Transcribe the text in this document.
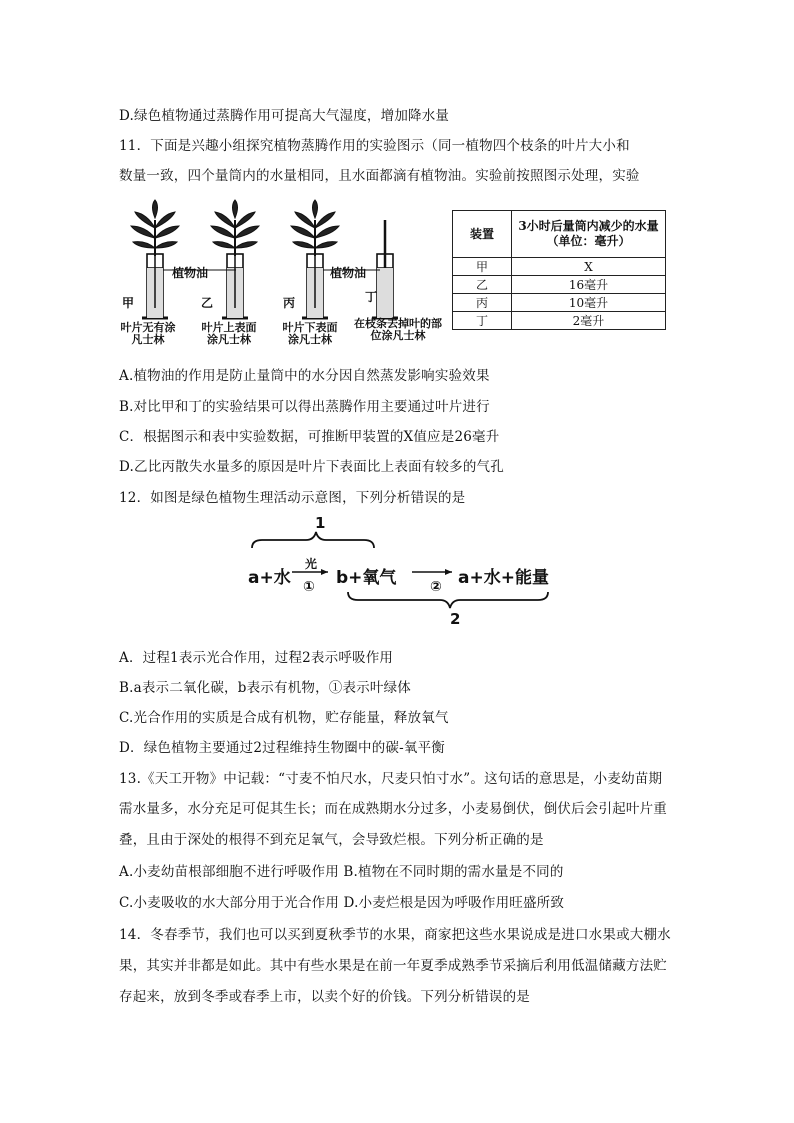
D.绿色植物通过蒸腾作用可提高大气湿度，增加降水量
11．下面是兴趣小组探究植物蒸腾作用的实验图示（同一植物四个枝条的叶片大小和
数量一致，四个量筒内的水量相同，且水面都滴有植物油。实验前按照图示处理，实验
植物油	植物油
甲	乙	丙	丁
叶片无有涂凡士林
叶片上表面涂凡士林
叶片下表面涂凡士林
在枝条去掉叶的部位涂凡士林
装置	3小时后量筒内减少的水量（单位：毫升）
甲	X
乙	16毫升
丙	10毫升
丁	2毫升
A.植物油的作用是防止量筒中的水分因自然蒸发影响实验效果
B.对比甲和丁的实验结果可以得出蒸腾作用主要通过叶片进行
C．根据图示和表中实验数据，可推断甲装置的X值应是26毫升
D.乙比丙散失水量多的原因是叶片下表面比上表面有较多的气孔
12．如图是绿色植物生理活动示意图，下列分析错误的是
1
a+水
光
① b+氧气 ② a+水+能量
2
A．过程1表示光合作用，过程2表示呼吸作用
B.a表示二氧化碳，b表示有机物，①表示叶绿体
C.光合作用的实质是合成有机物，贮存能量，释放氧气
D．绿色植物主要通过2过程维持生物圈中的碳-氧平衡
13.《天工开物》中记载：“寸麦不怕尺水，尺麦只怕寸水”。这句话的意思是，小麦幼苗期
需水量多，水分充足可促其生长；而在成熟期水分过多，小麦易倒伏，倒伏后会引起叶片重
叠，且由于深处的根得不到充足氧气，会导致烂根。下列分析正确的是
A.小麦幼苗根部细胞不进行呼吸作用 B.植物在不同时期的需水量是不同的
C.小麦吸收的水大部分用于光合作用 D.小麦烂根是因为呼吸作用旺盛所致
14．冬春季节，我们也可以买到夏秋季节的水果，商家把这些水果说成是进口水果或大棚水
果，其实并非都是如此。其中有些水果是在前一年夏季成熟季节采摘后利用低温储藏方法贮
存起来，放到冬季或春季上市，以卖个好的价钱。下列分析错误的是
